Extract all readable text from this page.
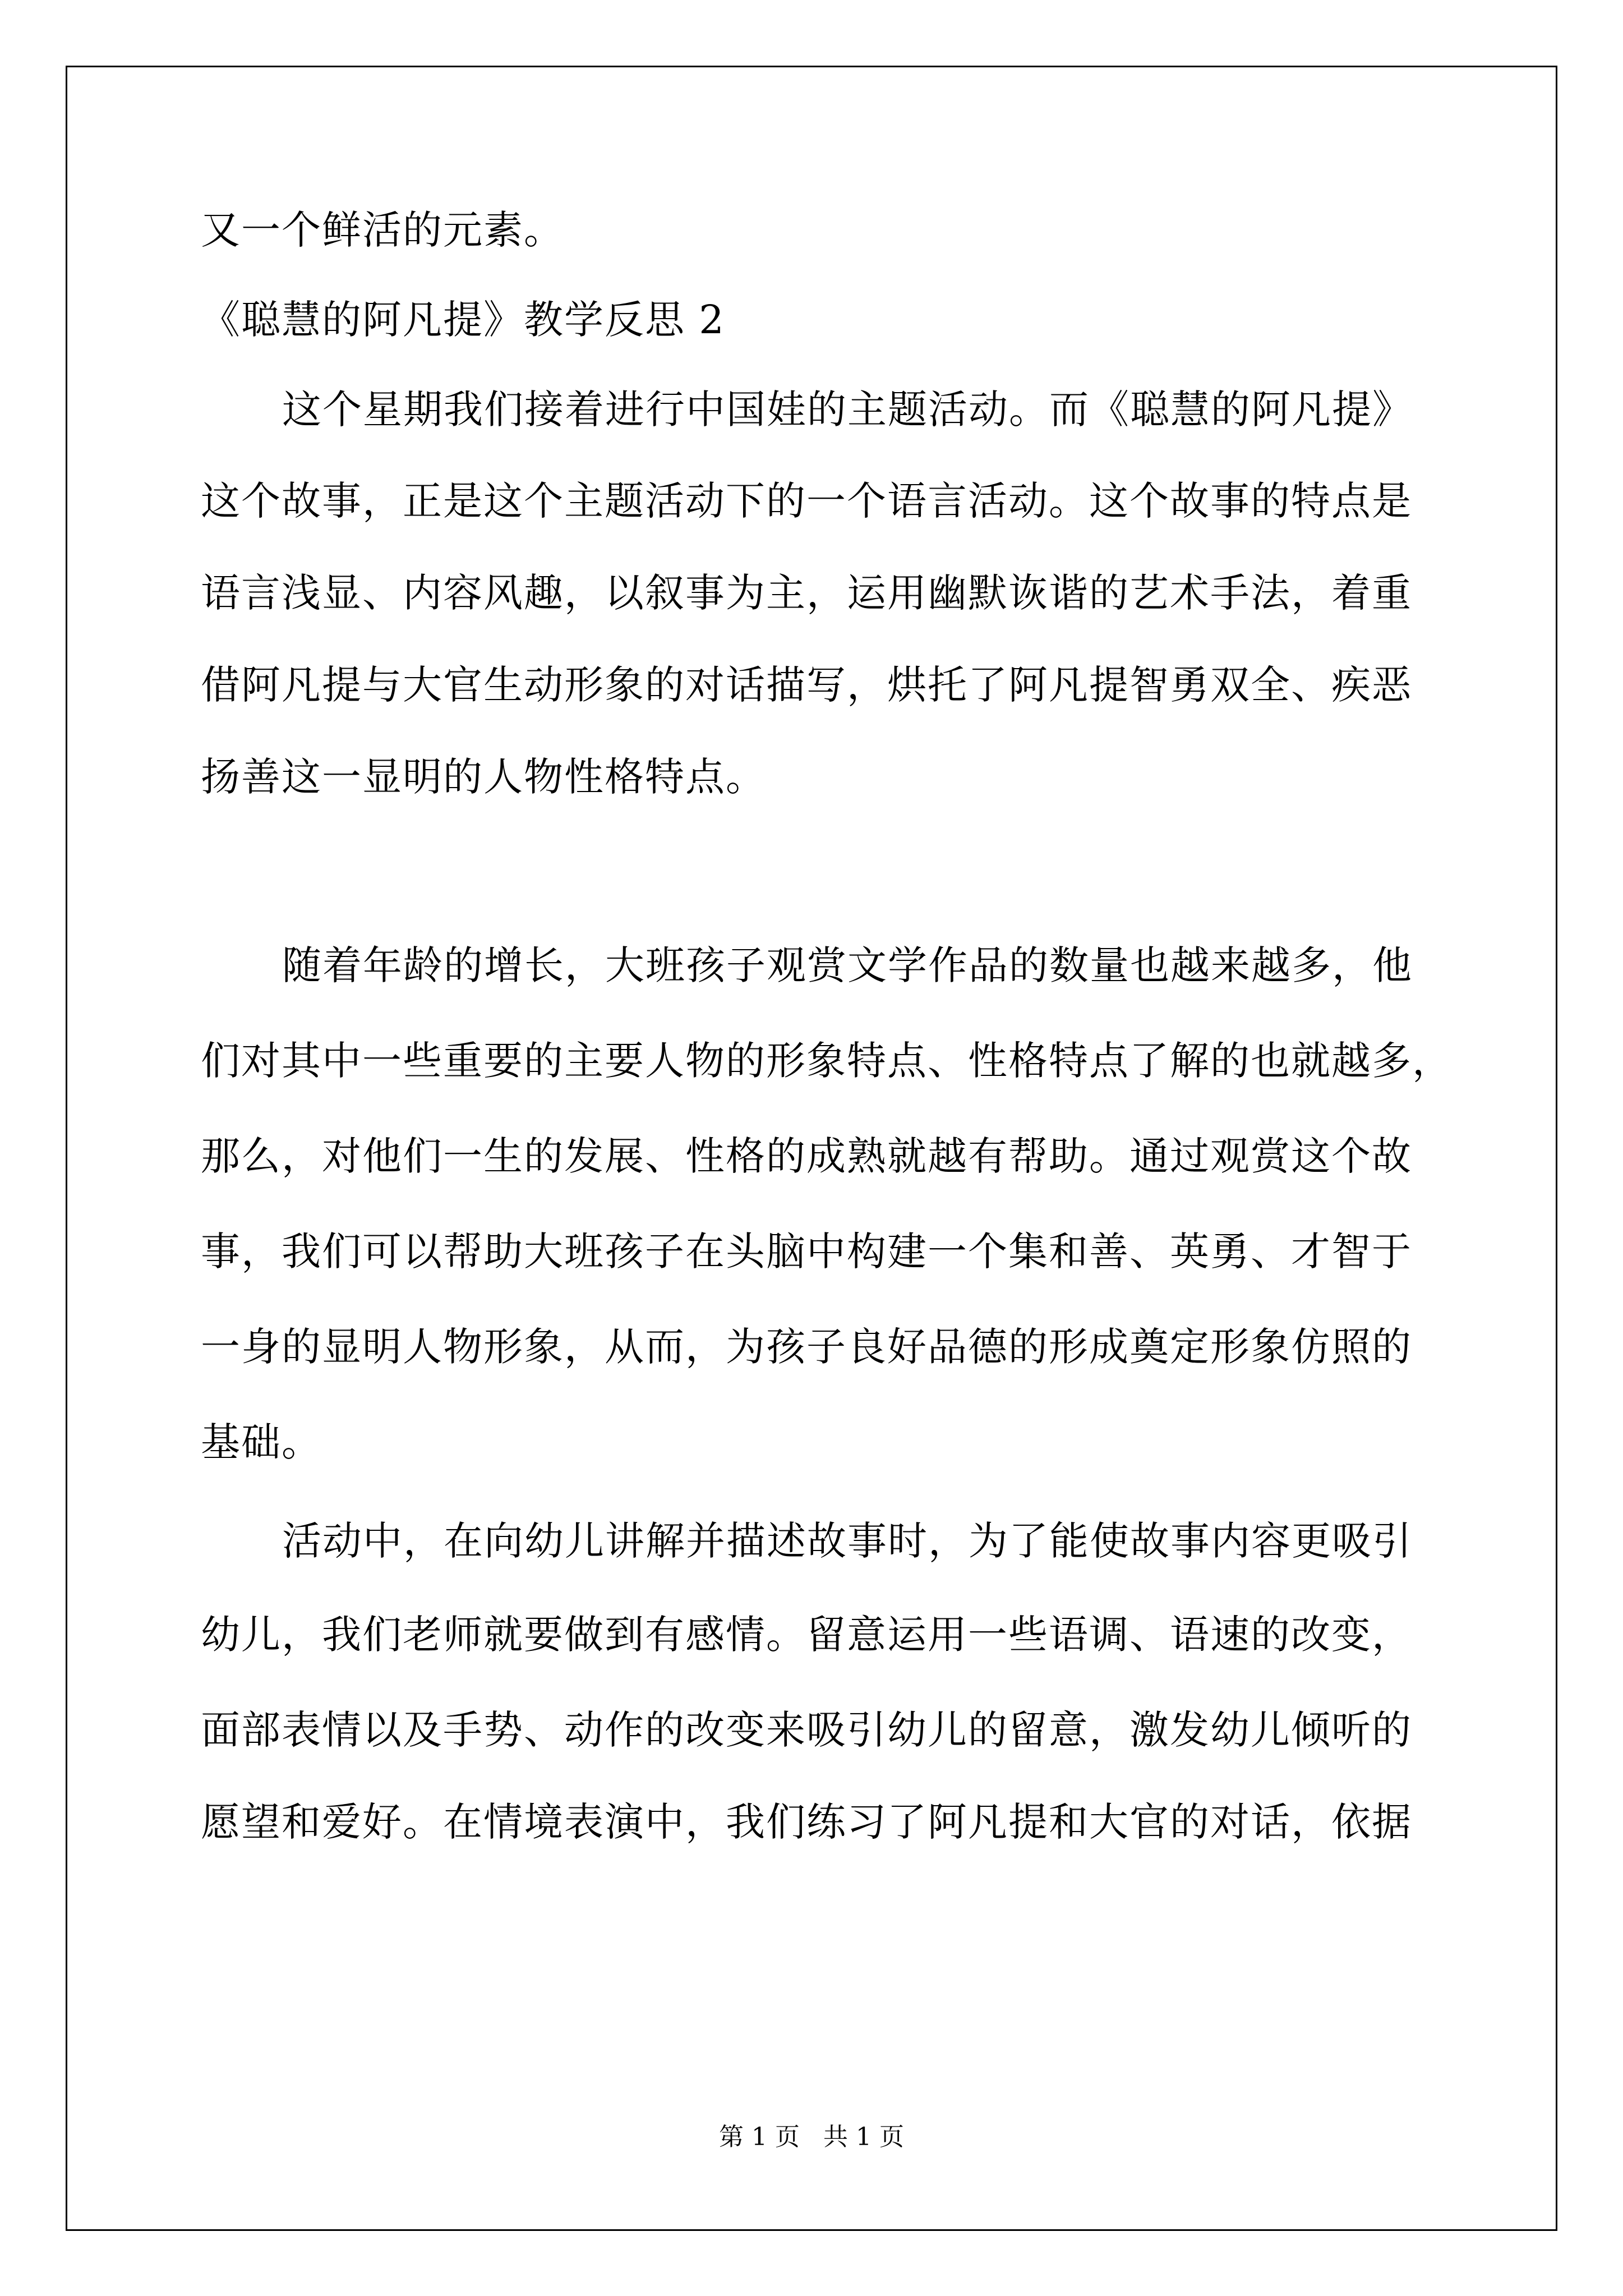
又一个鲜活的元素。
《聪慧的阿凡提》教学反思 2
这个星期我们接着进行中国娃的主题活动。而《聪慧的阿凡提》
这个故事，正是这个主题活动下的一个语言活动。这个故事的特点是
语言浅显、内容风趣，以叙事为主，运用幽默诙谐的艺术手法，着重
借阿凡提与大官生动形象的对话描写，烘托了阿凡提智勇双全、疾恶
扬善这一显明的人物性格特点。
随着年龄的增长，大班孩子观赏文学作品的数量也越来越多，他
们对其中一些重要的主要人物的形象特点、性格特点了解的也就越多，
那么，对他们一生的发展、性格的成熟就越有帮助。通过观赏这个故
事，我们可以帮助大班孩子在头脑中构建一个集和善、英勇、才智于
一身的显明人物形象，从而，为孩子良好品德的形成奠定形象仿照的
基础。
活动中，在向幼儿讲解并描述故事时，为了能使故事内容更吸引
幼儿，我们老师就要做到有感情。留意运用一些语调、语速的改变，
面部表情以及手势、动作的改变来吸引幼儿的留意，激发幼儿倾听的
愿望和爱好。在情境表演中，我们练习了阿凡提和大官的对话，依据
第 1 页   共 1 页
